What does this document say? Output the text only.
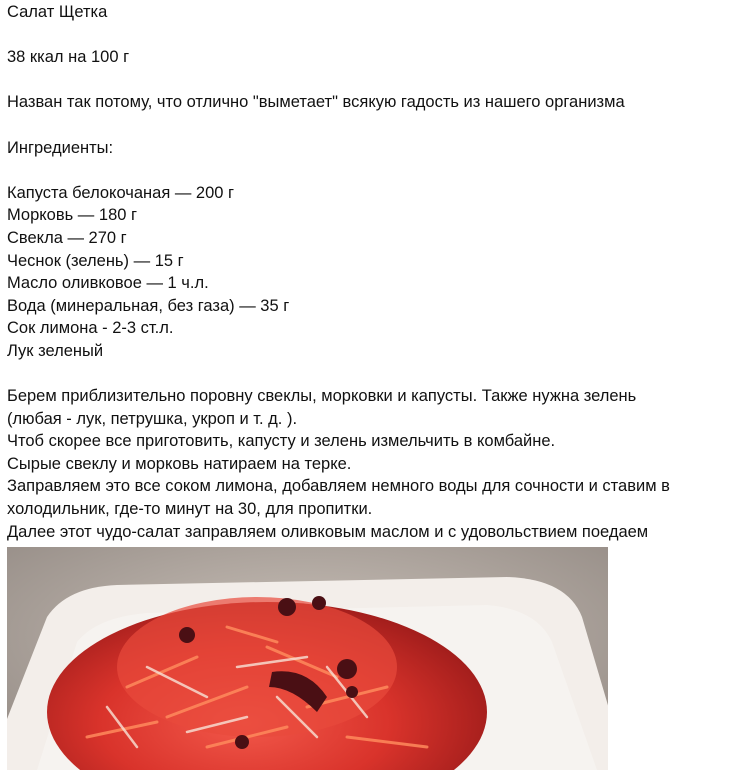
Салат Щетка
38 ккал на 100 г
Назван так потому, что отлично "выметает" всякую гадость из нашего организма
Ингредиенты:
Капуста белокочаная — 200 г
Морковь — 180 г
Свекла — 270 г
Чеснок (зелень) — 15 г
Масло оливковое — 1 ч.л.
Вода (минеральная, без газа) — 35 г
Сок лимона - 2-3 ст.л.
Лук зеленый
Берем приблизительно поровну свеклы, морковки и капусты. Также нужна зелень
(любая - лук, петрушка, укроп и т. д. ).
Чтоб скорее все приготовить, капусту и зелень измельчить в комбайне.
Сырые свеклу и морковь натираем на терке.
Заправляем это все соком лимона, добавляем немного воды для сочности и ставим в
холодильник, где-то минут на 30, для пропитки.
Далее этот чудо-салат заправляем оливковым маслом и с удовольствием поедаем
